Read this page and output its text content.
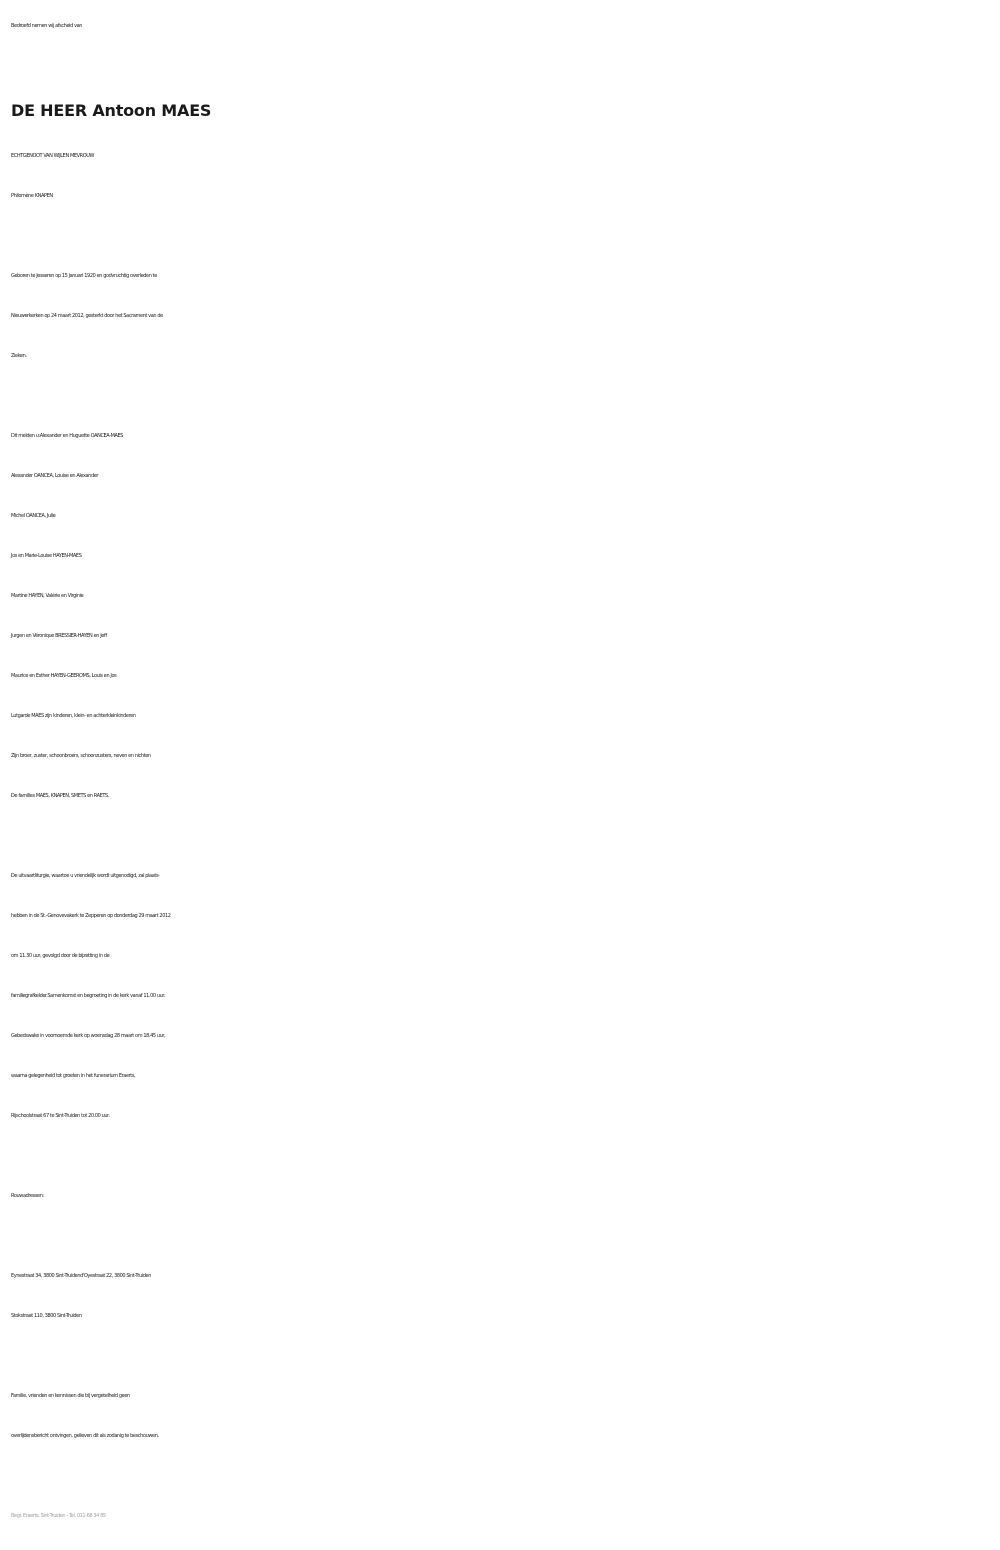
Bedroefd nemen wij afscheid van
DE HEER Antoon MAES
ECHTGENOOT VAN WIJLEN MEVROUW
Philomène KNAPEN
Geboren te Jesseren op 15 januari 1920 en godvruchtig overleden te
Nieuwerkerken op 24 maart 2012, gesterkt door het Sacrament van de
Zieken.
Dit melden u:Alexander en Huguette OANCEA-MAES
Alexander OANCEA, Louise en Alexander
Michel OANCEA, Julie
Jos en Marie-Louise HAYEN-MAES
Martine HAYEN, Valérie en Virginie
Jurgen en Véronique BRESSIER-HAYEN en Jeff
Maurice en Esther HAYEN-GEEROMS, Louis en Jos
Lutgarde MAES zijn kinderen, klein- en achterkleinkinderen
Zijn broer, zuster, schoonbroers, schoonzusters, neven en nichten
De families MAES, KNAPEN, SMETS en RAETS.
De uitvaartliturgie, waartoe u vriendelijk wordt uitgenodigd, zal plaats-
hebben in de St.-Genovevakerk te Zepperen op donderdag 29 maart 2012
om 11.30 uur, gevolgd door de bijzetting in de
familiegrafkelder.Samenkomst en begroeting in de kerk vanaf 11.00 uur.
Gebedswake in voornoemde kerk op woensdag 28 maart om 18.45 uur,
waarna gelegenheid tot groeten in het funerarium Eraerts,
Rijschoolstraat 67 te Sint-Truiden tot 20.00 uur.
Rouwadressen:
Eynestraat 34, 3800 Sint-Truidend'Oyestraat 22, 3800 Sint-Truiden
Stokstraat 110, 3800 Sint-Truiden
Familie, vrienden en kennissen die bij vergetelheid geen
overlijdensbericht ontvingen, gelieven dit als zodanig te beschouwen.
Begr. Eraerts, Sint-Truiden - Tel. 011-68 34 85
